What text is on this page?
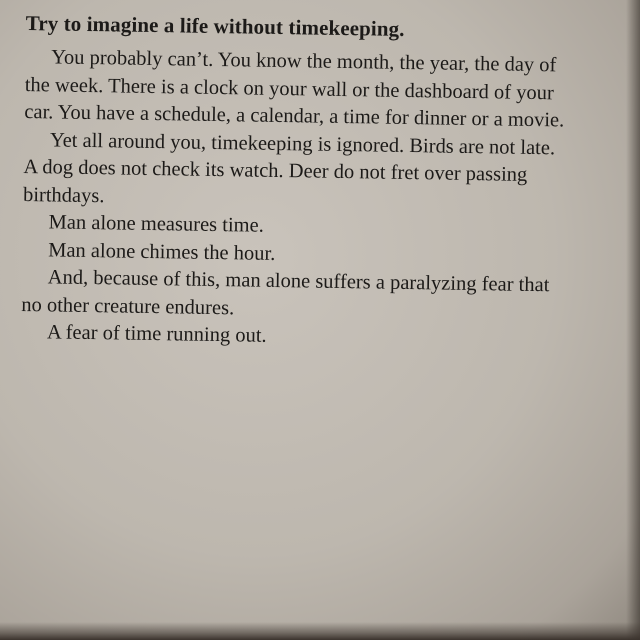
Try to imagine a life without timekeeping.

You probably can’t. You know the month, the year, the day of
the week. There is a clock on your wall or the dashboard of your
car. You have a schedule, a calendar, a time for dinner or a movie.

Yet all around you, timekeeping is ignored. Birds are not late.
A dog does not check its watch. Deer do not fret over passing
birthdays.

Man alone measures time.

Man alone chimes the hour.

And, because of this, man alone suffers a paralyzing fear that
no other creature endures.

A fear of time running out.
